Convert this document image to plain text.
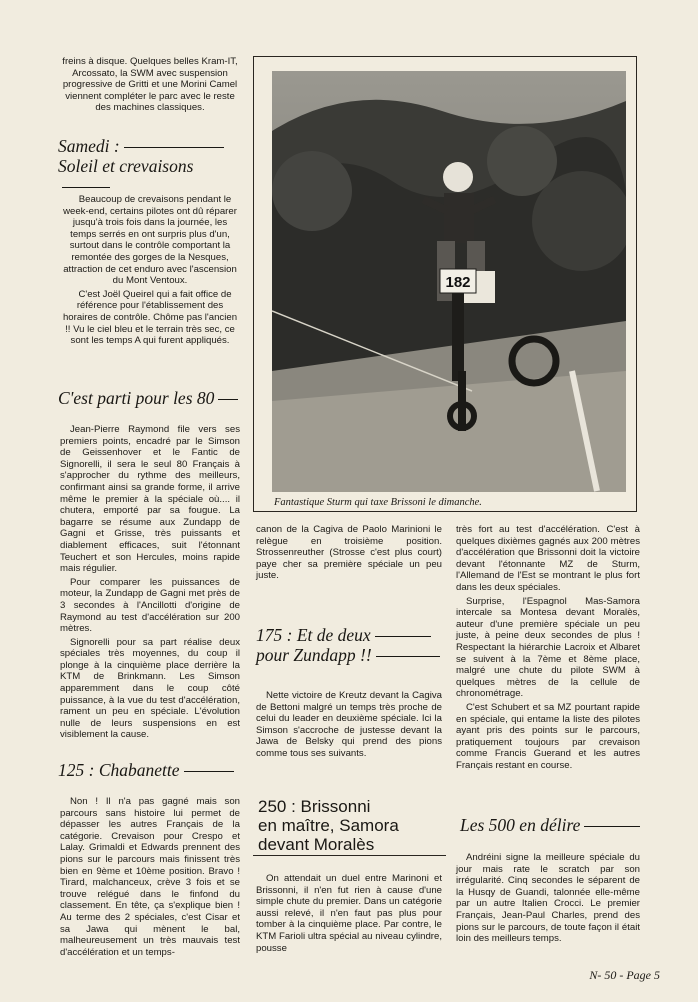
freins à disque. Quelques belles Kram-IT, Arcossato, la SWM avec suspension progressive de Gritti et une Morini Camel viennent compléter le parc avec le reste des machines classiques.

Samedi :
Soleil et crevaisons

Beaucoup de crevaisons pendant le week-end, certains pilotes ont dû réparer jusqu'à trois fois dans la journée, les temps serrés en ont surpris plus d'un, surtout dans le contrôle comportant la remontée des gorges de la Nesques, attraction de cet enduro avec l'ascension du Mont Ventoux.

C'est Joël Queirel qui a fait office de référence pour l'établissement des horaires de contrôle. Chôme pas l'ancien !! Vu le ciel bleu et le terrain très sec, ce sont les temps A qui furent appliqués.

C'est parti pour les 80

Jean-Pierre Raymond file vers ses premiers points, encadré par le Simson de Geissenhover et le Fantic de Signorelli, il sera le seul 80 Français à s'approcher du rythme des meilleurs, confirmant ainsi sa grande forme, il arrive même le premier à la spéciale où.... il chutera, emporté par sa fougue. La bagarre se résume aux Zundapp de Gagni et Grisse, très puissants et diablement efficaces, suit l'étonnant Teuchert et son Hercules, moins rapide mais régulier.

Pour comparer les puissances de moteur, la Zundapp de Gagni met près de 3 secondes à l'Ancillotti d'origine de Raymond au test d'accélération sur 200 mètres.

Signorelli pour sa part réalise deux spéciales très moyennes, du coup il plonge à la cinquième place derrière la KTM de Brinkmann. Les Simson apparemment dans le coup côté puissance, à la vue du test d'accélération, rament un peu en spéciale. L'évolution nulle de leurs suspensions en est visiblement la cause.

125 : Chabanette

Non ! Il n'a pas gagné mais son parcours sans histoire lui permet de dépasser les autres Français de la catégorie. Crevaison pour Crespo et Lalay. Grimaldi et Edwards prennent des pions sur le parcours mais finissent très bien en 9ème et 10ème position. Bravo ! Tirard, malchanceux, crève 3 fois et se trouve relégué dans le finfond du classement. En tête, ça s'explique bien ! Au terme des 2 spéciales, c'est Cisar et sa Jawa qui mènent le bal, malheureusement un très mauvais test d'accélération et un temps-

182
Fantastique Sturm qui taxe Brissoni le dimanche.

canon de la Cagiva de Paolo Marinioni le relègue en troisième position. Strossenreuther (Strosse c'est plus court) paye cher sa première spéciale un peu juste.

175 : Et de deux
pour Zundapp !!

Nette victoire de Kreutz devant la Cagiva de Bettoni malgré un temps très proche de celui du leader en deuxième spéciale. Ici la Simson s'accroche de justesse devant la Jawa de Belsky qui prend des pions comme tous ses suivants.

250 : Brissonni
en maître, Samora
devant Moralès

On attendait un duel entre Marinoni et Brissonni, il n'en fut rien à cause d'une simple chute du premier. Dans un catégorie aussi relevé, il n'en faut pas plus pour tomber à la cinquième place. Par contre, le KTM Farioli ultra spécial au niveau cylindre, pousse

très fort au test d'accélération. C'est à quelques dixièmes gagnés aux 200 mètres d'accélération que Brissonni doit la victoire devant l'étonnante MZ de Sturm, l'Allemand de l'Est se montrant le plus fort dans les deux spéciales.

Surprise, l'Espagnol Mas-Samora intercale sa Montesa devant Moralès, auteur d'une première spéciale un peu juste, à peine deux secondes de plus ! Respectant la hiérarchie Lacroix et Albaret se suivent à la 7ème et 8ème place, malgré une chute du pilote SWM à quelques mètres de la cellule de chronométrage.

C'est Schubert et sa MZ pourtant rapide en spéciale, qui entame la liste des pilotes ayant pris des points sur le parcours, pratiquement toujours par crevaison comme Francis Guerand et les autres Français restant en course.

Les 500 en délire

Andréini signe la meilleure spéciale du jour mais rate le scratch par son irrégularité. Cinq secondes le séparent de la Husqy de Guandi, talonnée elle-même par un autre Italien Crocci. Le premier Français, Jean-Paul Charles, prend des pions sur le parcours, de toute façon il était loin des meilleurs temps.

N- 50 - Page 5
